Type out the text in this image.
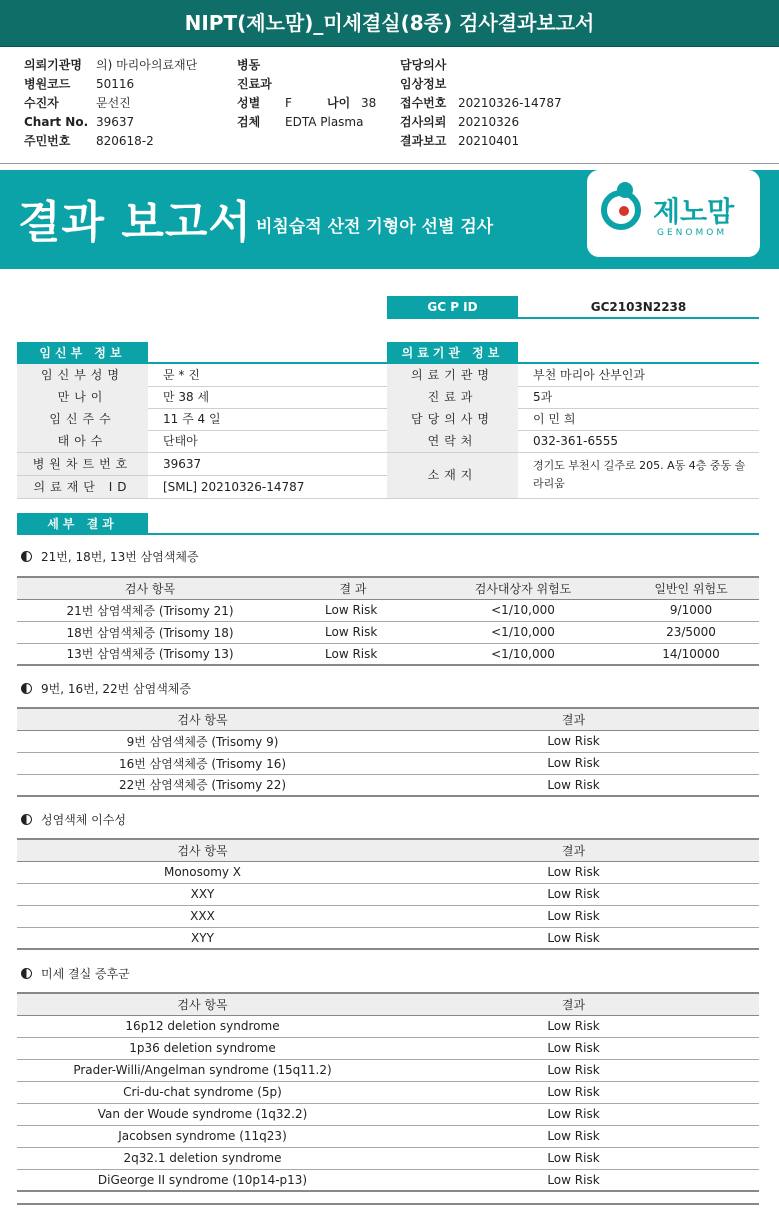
NIPT(제노맘)_미세결실(8종) 검사결과보고서
의뢰기관명 의) 마리아의료재단
병원코드 50116
수진자	문선진
Chart No. 39637
주민번호 820618-2
병동
진료과
성별 F	나이 38
검체 EDTA Plasma
담당의사
임상정보
접수번호 20210326-14787
검사의뢰 20210326
결과보고 20210401
결과 보고서 비침습적 산전 기형아 선별 검사	제노맘
GENOMOM
GC P ID	GC2103N2238
임신부 정보
임신부성명	문 * 진
만나이	만 38 세
임신주수	11 주 4 일
태아수	단태아
병원차트번호	39637
의료재단 ID	[SML] 20210326-14787
의료기관 정보
의료기관명	부천 마리아 산부인과
진료과	5과
담당의사명	이 민 희
연락처	032-361-6555
소재지
경기도 부천시 길주로 205. A동 4층 중동 솔
라리움
세부 결과
21번, 18번, 13번 삼염색체증
검사 항목	결 과	검사대상자 위험도	일반인 위험도
21번 삼염색체증 (Trisomy 21)	Low Risk	<1/10,000	9/1000
18번 삼염색체증 (Trisomy 18)	Low Risk	<1/10,000	23/5000
13번 삼염색체증 (Trisomy 13)	Low Risk	<1/10,000	14/10000
9번, 16번, 22번 삼염색체증
검사 항목	결과
9번 삼염색체증 (Trisomy 9)	Low Risk
16번 삼염색체증 (Trisomy 16)	Low Risk
22번 삼염색체증 (Trisomy 22)	Low Risk
성염색체 이수성
검사 항목	결과
Monosomy X	Low Risk
XXY	Low Risk
XXX	Low Risk
XYY	Low Risk
미세 결실 증후군
검사 항목	결과
16p12 deletion syndrome	Low Risk
1p36 deletion syndrome	Low Risk
Prader-Willi/Angelman syndrome (15q11.2)	Low Risk
Cri-du-chat syndrome (5p)	Low Risk
Van der Woude syndrome (1q32.2)	Low Risk
Jacobsen syndrome (11q23)	Low Risk
2q32.1 deletion syndrome	Low Risk
DiGeorge II syndrome (10p14-p13)	Low Risk
